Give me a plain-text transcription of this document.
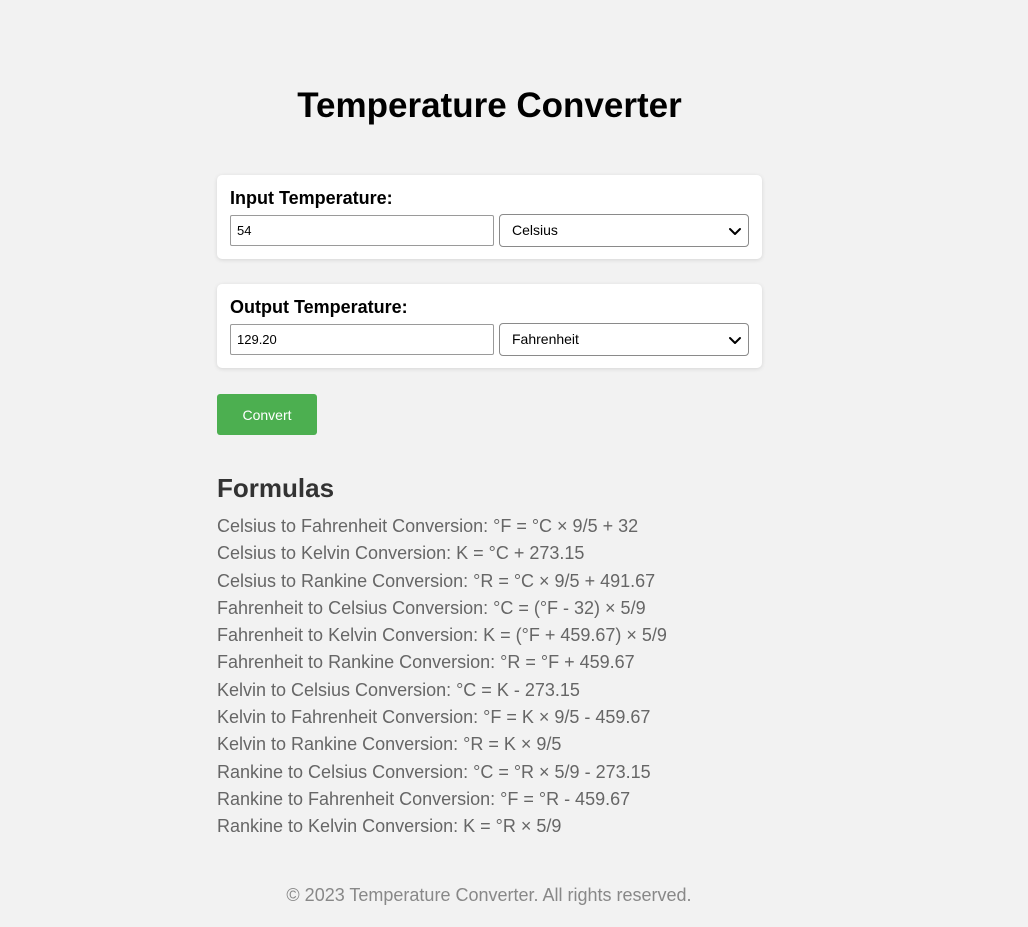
Temperature Converter
Input Temperature:
54
Celsius
Output Temperature:
129.20
Fahrenheit
Convert
Formulas
Celsius to Fahrenheit Conversion: °F = °C × 9/5 + 32
Celsius to Kelvin Conversion: K = °C + 273.15
Celsius to Rankine Conversion: °R = °C × 9/5 + 491.67
Fahrenheit to Celsius Conversion: °C = (°F - 32) × 5/9
Fahrenheit to Kelvin Conversion: K = (°F + 459.67) × 5/9
Fahrenheit to Rankine Conversion: °R = °F + 459.67
Kelvin to Celsius Conversion: °C = K - 273.15
Kelvin to Fahrenheit Conversion: °F = K × 9/5 - 459.67
Kelvin to Rankine Conversion: °R = K × 9/5
Rankine to Celsius Conversion: °C = °R × 5/9 - 273.15
Rankine to Fahrenheit Conversion: °F = °R - 459.67
Rankine to Kelvin Conversion: K = °R × 5/9
© 2023 Temperature Converter. All rights reserved.
